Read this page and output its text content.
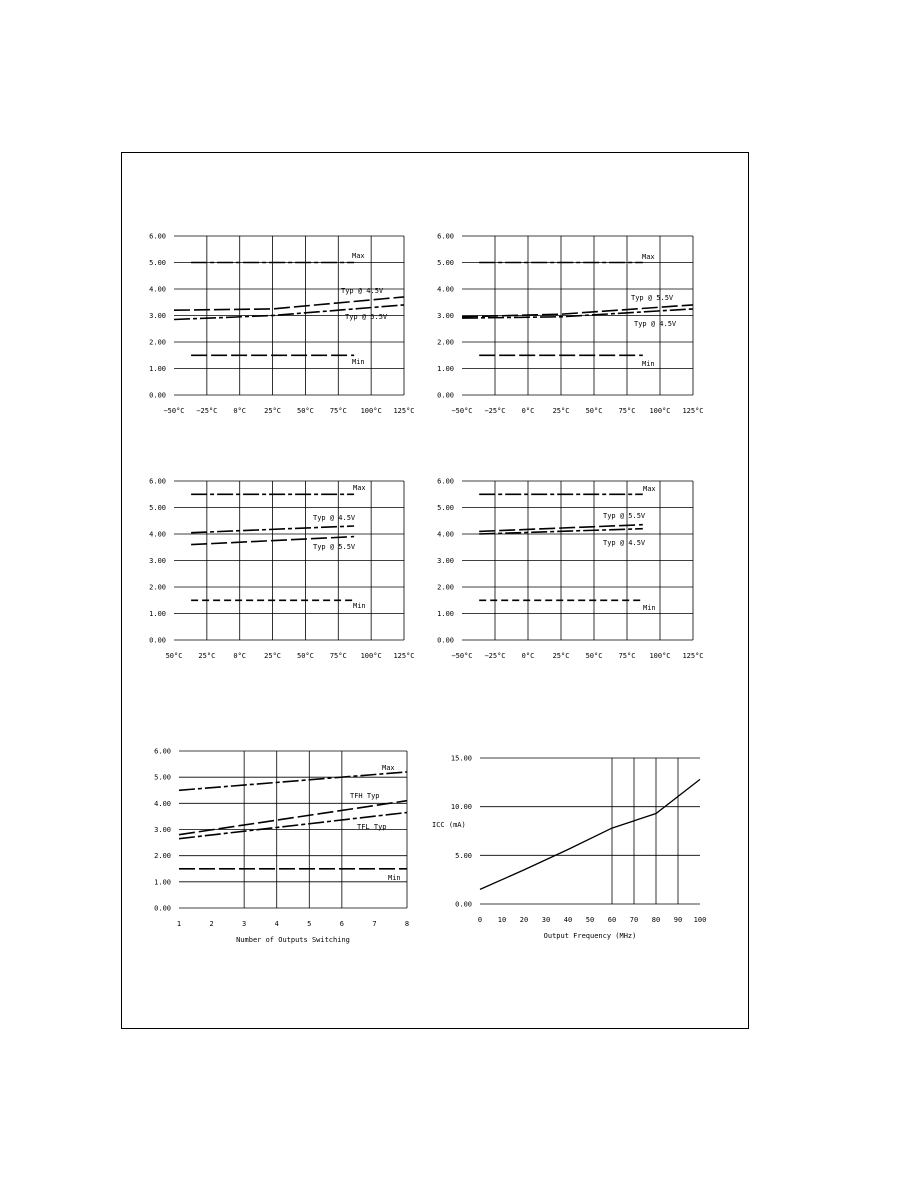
0.00
1.00
2.00
3.00
4.00
5.00
6.00
−50°C −25°C 0°C	25°C 50°C 75°C 100°C 125°C
Max
Typ @ 4.5V
Typ @ 5.5V
Min
0.00
1.00
2.00
3.00
4.00
5.00
6.00
−50°C −25°C 0°C	25°C 50°C 75°C 100°C 125°C
Max
Typ @ 5.5V
Typ @ 4.5V
Min
0.00
1.00
2.00
3.00
4.00
5.00
6.00
50°C 25°C	0°C	25°C 50°C 75°C 100°C 125°C
Max
Typ @ 4.5V
Typ @ 5.5V
Min
0.00
1.00
2.00
3.00
4.00
5.00
6.00
−50°C −25°C 0°C	25°C 50°C 75°C 100°C 125°C
Max
Typ @ 5.5V
Typ @ 4.5V
Min
0.00
1.00
2.00
3.00
4.00
5.00
6.00
1	2	3	4	5	6	7	8
Number of Outputs Switching
Max
TFH Typ
TFL Typ
Min
0.00
5.00
10.00
15.00
0 10 20 30 40 50 60 70 80 90 100
Output Frequency (MHz)
ICC (mA)
